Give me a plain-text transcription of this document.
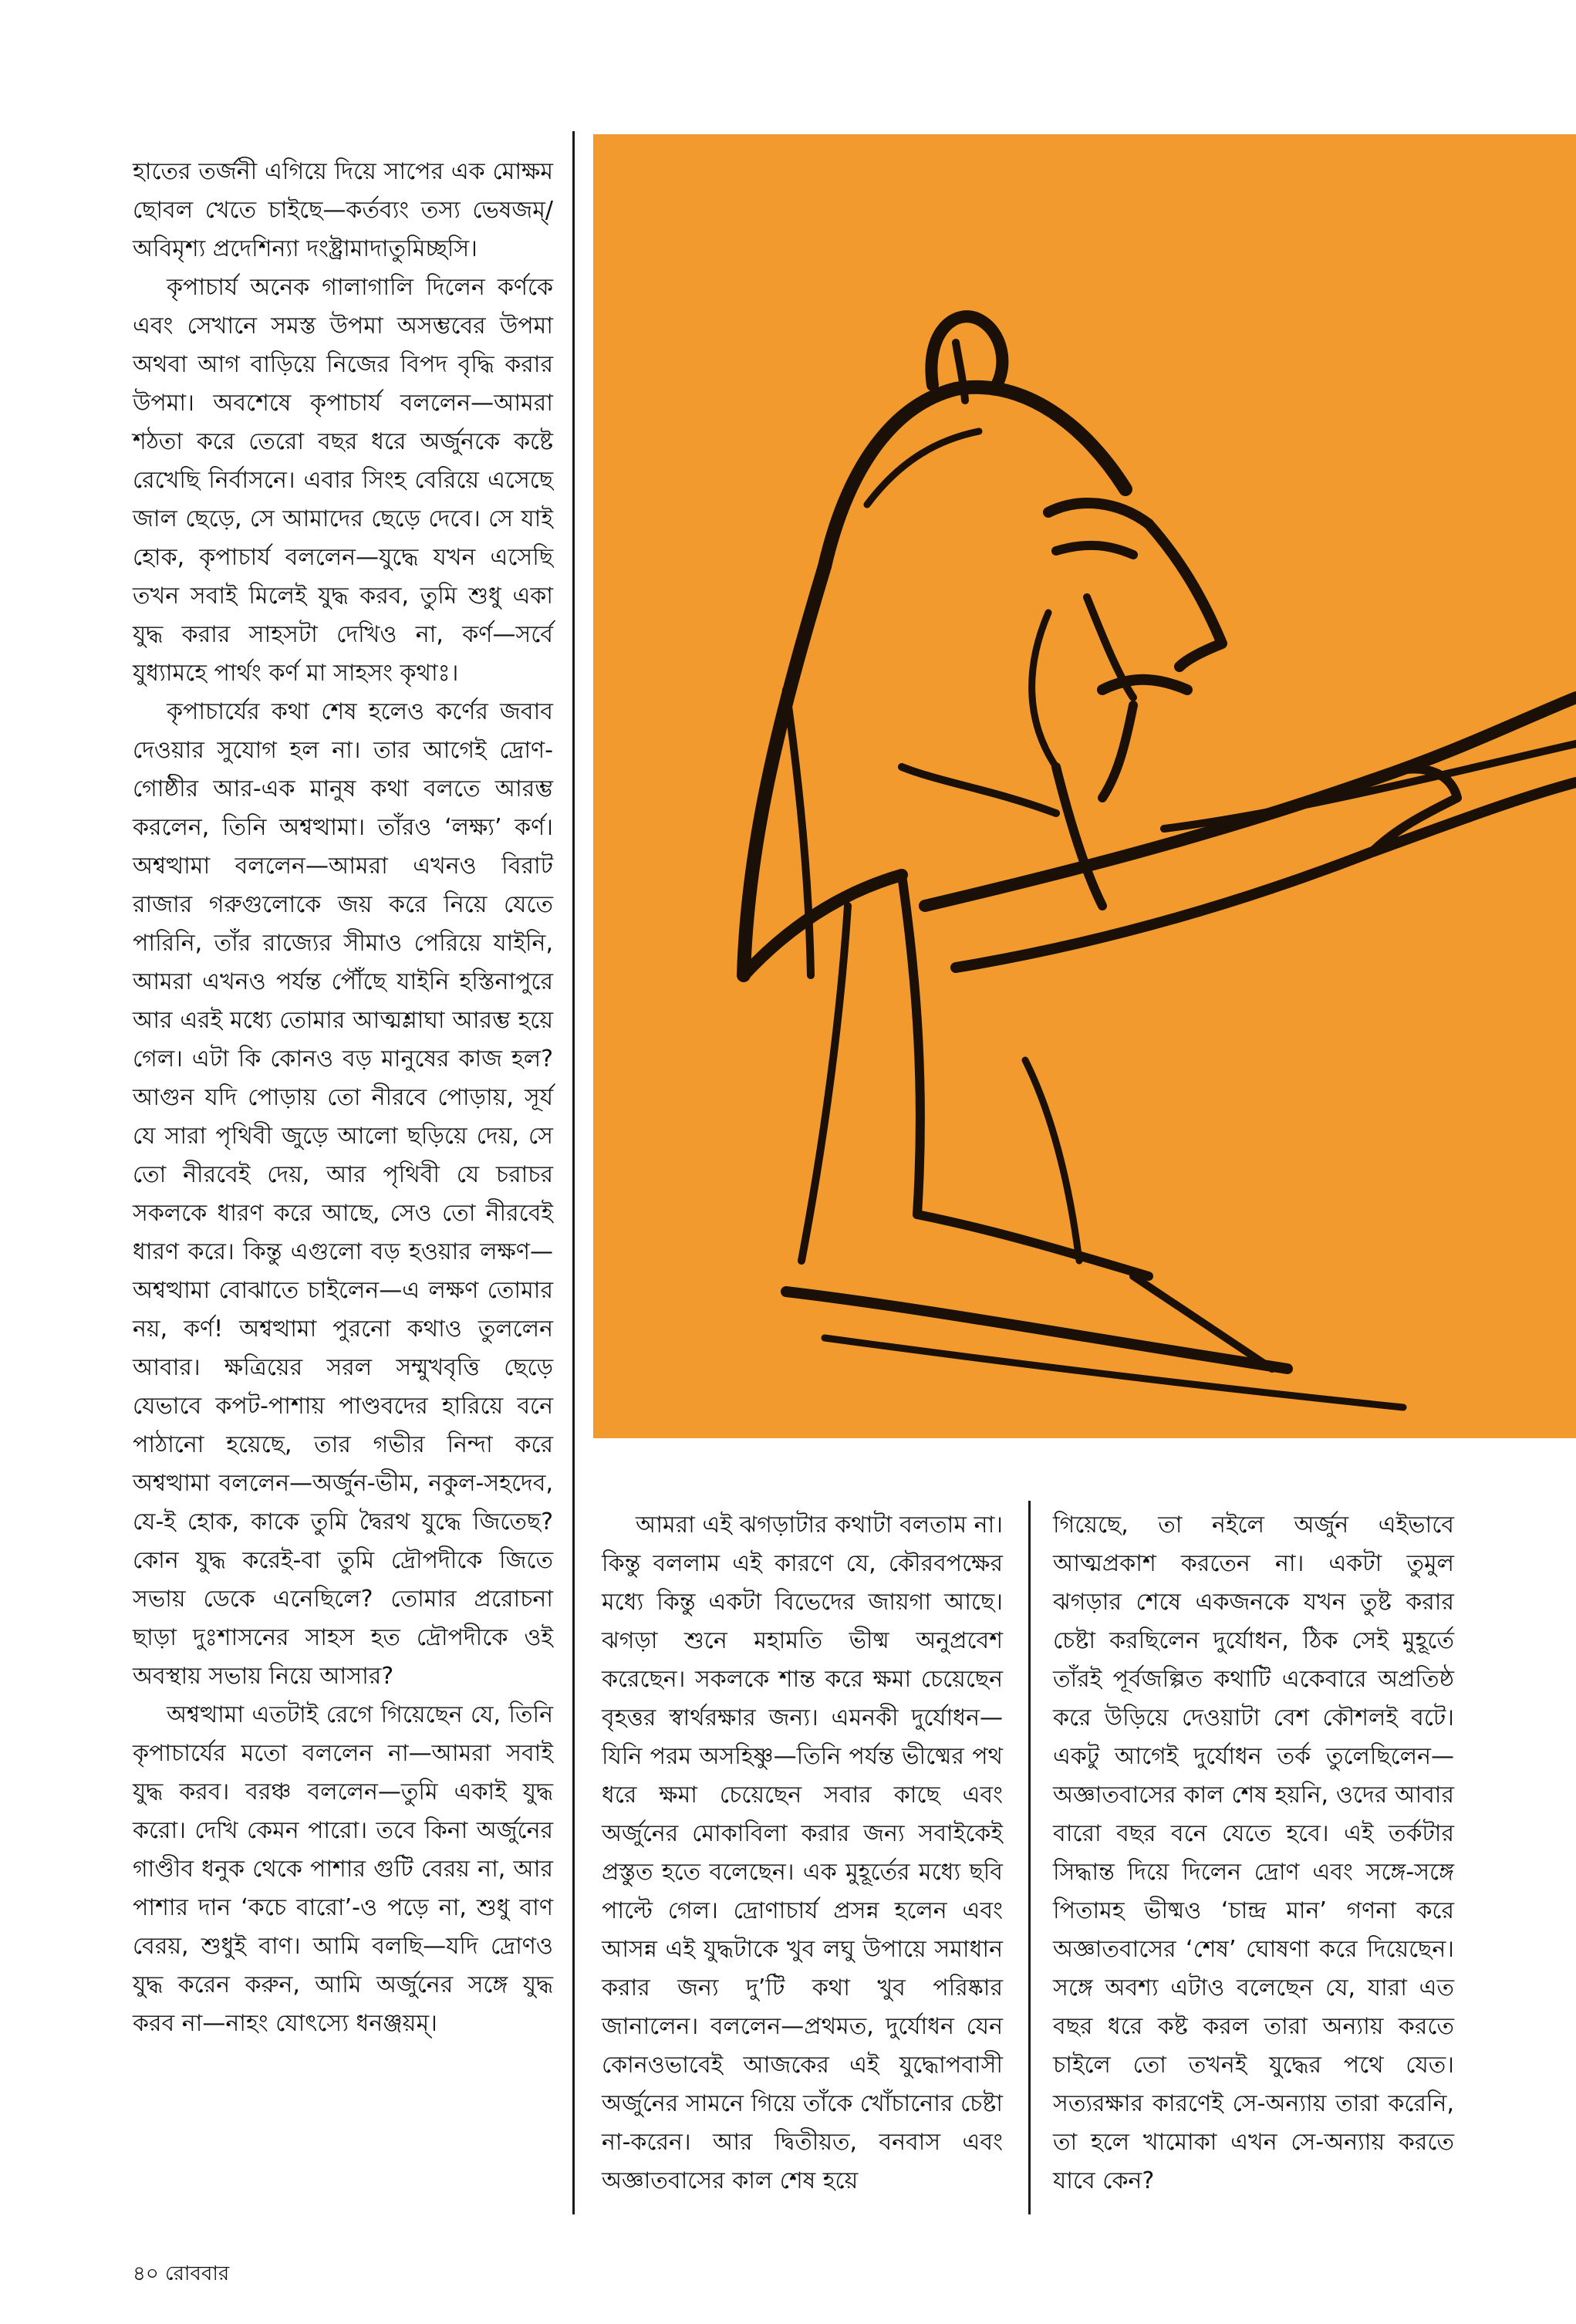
হাতের তর্জনী এগিয়ে দিয়ে সাপের এক মোক্ষম ছোবল খেতে চাইছে—কর্তব্যং তস্য ভেষজম্/অবিমৃশ্য প্রদেশিন্যা দংষ্ট্রামাদাতুমিচ্ছসি।

কৃপাচার্য অনেক গালাগালি দিলেন কর্ণকে এবং সেখানে সমস্ত উপমা অসম্ভবের উপমা অথবা আগ বাড়িয়ে নিজের বিপদ বৃদ্ধি করার উপমা। অবশেষে কৃপাচার্য বললেন—আমরা শঠতা করে তেরো বছর ধরে অর্জুনকে কষ্টে রেখেছি নির্বাসনে। এবার সিংহ বেরিয়ে এসেছে জাল ছেড়ে, সে আমাদের ছেড়ে দেবে। সে যাই হোক, কৃপাচার্য বললেন—যুদ্ধে যখন এসেছি তখন সবাই মিলেই যুদ্ধ করব, তুমি শুধু একা যুদ্ধ করার সাহসটা দেখিও না, কর্ণ—সর্বে যুধ্যামহে পার্থং কর্ণ মা সাহসং কৃথাঃ।

কৃপাচার্যের কথা শেষ হলেও কর্ণের জবাব দেওয়ার সুযোগ হল না। তার আগেই দ্রোণ-গোষ্ঠীর আর-এক মানুষ কথা বলতে আরম্ভ করলেন, তিনি অশ্বত্থামা। তাঁরও ‘লক্ষ্য’ কর্ণ। অশ্বত্থামা বললেন—আমরা এখনও বিরাট রাজার গরুগুলোকে জয় করে নিয়ে যেতে পারিনি, তাঁর রাজ্যের সীমাও পেরিয়ে যাইনি, আমরা এখনও পর্যন্ত পৌঁছে যাইনি হস্তিনাপুরে আর এরই মধ্যে তোমার আত্মশ্লাঘা আরম্ভ হয়ে গেল। এটা কি কোনও বড় মানুষের কাজ হল? আগুন যদি পোড়ায় তো নীরবে পোড়ায়, সূর্য যে সারা পৃথিবী জুড়ে আলো ছড়িয়ে দেয়, সে তো নীরবেই দেয়, আর পৃথিবী যে চরাচর সকলকে ধারণ করে আছে, সেও তো নীরবেই ধারণ করে। কিন্তু এগুলো বড় হওয়ার লক্ষণ—অশ্বত্থামা বোঝাতে চাইলেন—এ লক্ষণ তোমার নয়, কর্ণ! অশ্বত্থামা পুরনো কথাও তুললেন আবার। ক্ষত্রিয়ের সরল সম্মুখবৃত্তি ছেড়ে যেভাবে কপট-পাশায় পাণ্ডবদের হারিয়ে বনে পাঠানো হয়েছে, তার গভীর নিন্দা করে অশ্বত্থামা বললেন—অর্জুন-ভীম, নকুল-সহদেব, যে-ই হোক, কাকে তুমি দ্বৈরথ যুদ্ধে জিতেছ? কোন যুদ্ধ করেই-বা তুমি দ্রৌপদীকে জিতে সভায় ডেকে এনেছিলে? তোমার প্ররোচনা ছাড়া দুঃশাসনের সাহস হত দ্রৌপদীকে ওই অবস্থায় সভায় নিয়ে আসার?

অশ্বত্থামা এতটাই রেগে গিয়েছেন যে, তিনি কৃপাচার্যের মতো বললেন না—আমরা সবাই যুদ্ধ করব। বরঞ্চ বললেন—তুমি একাই যুদ্ধ করো। দেখি কেমন পারো। তবে কিনা অর্জুনের গাণ্ডীব ধনুক থেকে পাশার গুটি বেরয় না, আর পাশার দান ‘কচে বারো’-ও পড়ে না, শুধু বাণ বেরয়, শুধুই বাণ। আমি বলছি—যদি দ্রোণও যুদ্ধ করেন করুন, আমি অর্জুনের সঙ্গে যুদ্ধ করব না—নাহং যোৎস্যে ধনঞ্জয়ম্।

আমরা এই ঝগড়াটার কথাটা বলতাম না। কিন্তু বললাম এই কারণে যে, কৌরবপক্ষের মধ্যে কিন্তু একটা বিভেদের জায়গা আছে। ঝগড়া শুনে মহামতি ভীষ্ম অনুপ্রবেশ করেছেন। সকলকে শান্ত করে ক্ষমা চেয়েছেন বৃহত্তর স্বার্থরক্ষার জন্য। এমনকী দুর্যোধন—যিনি পরম অসহিষ্ণু—তিনি পর্যন্ত ভীষ্মের পথ ধরে ক্ষমা চেয়েছেন সবার কাছে এবং অর্জুনের মোকাবিলা করার জন্য সবাইকেই প্রস্তুত হতে বলেছেন। এক মুহূর্তের মধ্যে ছবি পাল্টে গেল। দ্রোণাচার্য প্রসন্ন হলেন এবং আসন্ন এই যুদ্ধটাকে খুব লঘু উপায়ে সমাধান করার জন্য দু’টি কথা খুব পরিষ্কার জানালেন। বললেন—প্রথমত, দুর্যোধন যেন কোনওভাবেই আজকের এই যুদ্ধোপবাসী অর্জুনের সামনে গিয়ে তাঁকে খোঁচানোর চেষ্টা না-করেন। আর দ্বিতীয়ত, বনবাস এবং অজ্ঞাতবাসের কাল শেষ হয়ে

গিয়েছে, তা নইলে অর্জুন এইভাবে আত্মপ্রকাশ করতেন না। একটা তুমুল ঝগড়ার শেষে একজনকে যখন তুষ্ট করার চেষ্টা করছিলেন দুর্যোধন, ঠিক সেই মুহূর্তে তাঁরই পূর্বজল্পিত কথাটি একেবারে অপ্রতিষ্ঠ করে উড়িয়ে দেওয়াটা বেশ কৌশলই বটে। একটু আগেই দুর্যোধন তর্ক তুলেছিলেন—অজ্ঞাতবাসের কাল শেষ হয়নি, ওদের আবার বারো বছর বনে যেতে হবে। এই তর্কটার সিদ্ধান্ত দিয়ে দিলেন দ্রোণ এবং সঙ্গে-সঙ্গে পিতামহ ভীষ্মও ‘চান্দ্র মান’ গণনা করে অজ্ঞাতবাসের ‘শেষ’ ঘোষণা করে দিয়েছেন। সঙ্গে অবশ্য এটাও বলেছেন যে, যারা এত বছর ধরে কষ্ট করল তারা অন্যায় করতে চাইলে তো তখনই যুদ্ধের পথে যেত। সত্যরক্ষার কারণেই সে-অন্যায় তারা করেনি, তা হলে খামোকা এখন সে-অন্যায় করতে যাবে কেন?

৪০ রোববার
